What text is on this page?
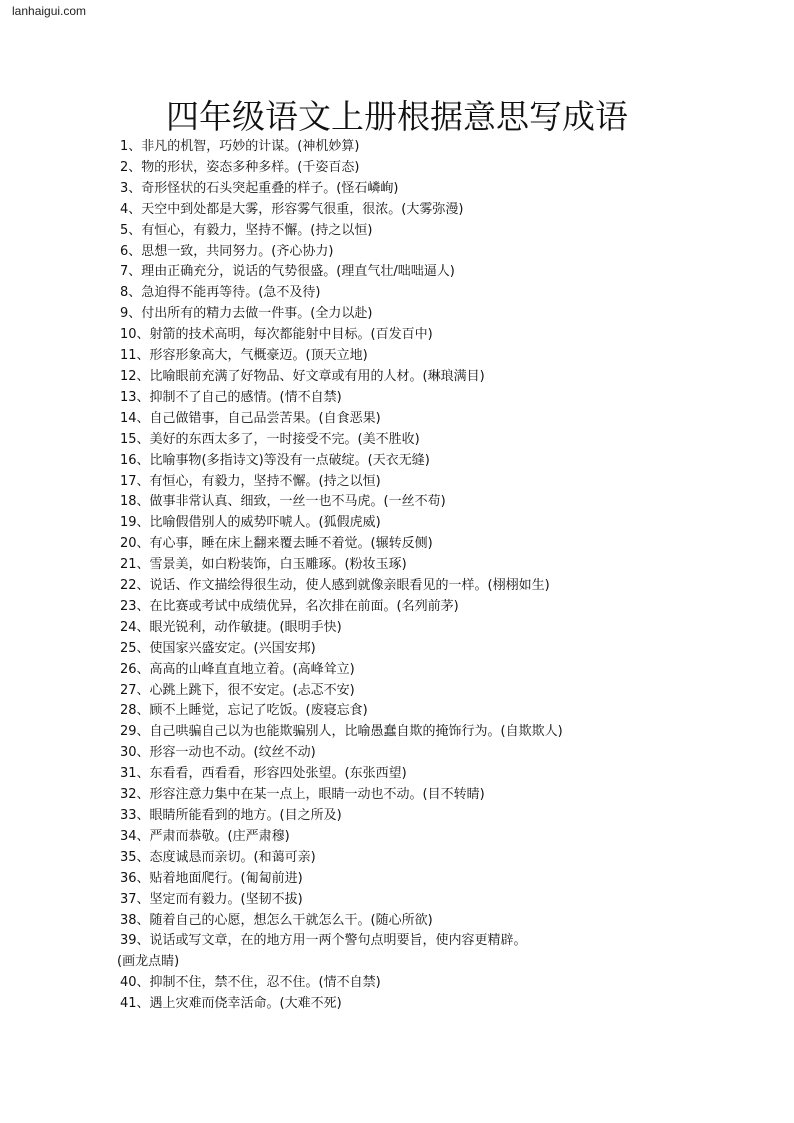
lanhaigui.com
四年级语文上册根据意思写成语
1、非凡的机智，巧妙的计谋。(神机妙算)
2、物的形状，姿态多种多样。(千姿百态)
3、奇形怪状的石头突起重叠的样子。(怪石嶙峋)
4、天空中到处都是大雾，形容雾气很重，很浓。(大雾弥漫)
5、有恒心，有毅力，坚持不懈。(持之以恒)
6、思想一致，共同努力。(齐心协力)
7、理由正确充分，说话的气势很盛。(理直气壮/咄咄逼人)
8、急迫得不能再等待。(急不及待)
9、付出所有的精力去做一件事。(全力以赴)
10、射箭的技术高明，每次都能射中目标。(百发百中)
11、形容形象高大，气概豪迈。(顶天立地)
12、比喻眼前充满了好物品、好文章或有用的人材。(琳琅满目)
13、抑制不了自己的感情。(情不自禁)
14、自己做错事，自己品尝苦果。(自食恶果)
15、美好的东西太多了，一时接受不完。(美不胜收)
16、比喻事物(多指诗文)等没有一点破绽。(天衣无缝)
17、有恒心，有毅力，坚持不懈。(持之以恒)
18、做事非常认真、细致，一丝一也不马虎。(一丝不苟)
19、比喻假借别人的威势吓唬人。(狐假虎威)
20、有心事，睡在床上翻来覆去睡不着觉。(辗转反侧)
21、雪景美，如白粉装饰，白玉雕琢。(粉妆玉琢)
22、说话、作文描绘得很生动，使人感到就像亲眼看见的一样。(栩栩如生)
23、在比赛或考试中成绩优异，名次排在前面。(名列前茅)
24、眼光锐利，动作敏捷。(眼明手快)
25、使国家兴盛安定。(兴国安邦)
26、高高的山峰直直地立着。(高峰耸立)
27、心跳上跳下，很不安定。(忐忑不安)
28、顾不上睡觉，忘记了吃饭。(废寝忘食)
29、自己哄骗自己以为也能欺骗别人，比喻愚蠢自欺的掩饰行为。(自欺欺人)
30、形容一动也不动。(纹丝不动)
31、东看看，西看看，形容四处张望。(东张西望)
32、形容注意力集中在某一点上，眼睛一动也不动。(目不转睛)
33、眼睛所能看到的地方。(目之所及)
34、严肃而恭敬。(庄严肃穆)
35、态度诚恳而亲切。(和蔼可亲)
36、贴着地面爬行。(匍匐前进)
37、坚定而有毅力。(坚韧不拔)
38、随着自己的心愿，想怎么干就怎么干。(随心所欲)
39、说话或写文章，在的地方用一两个警句点明要旨，使内容更精辟。
(画龙点睛)
40、抑制不住，禁不住，忍不住。(情不自禁)
41、遇上灾难而侥幸活命。(大难不死)
